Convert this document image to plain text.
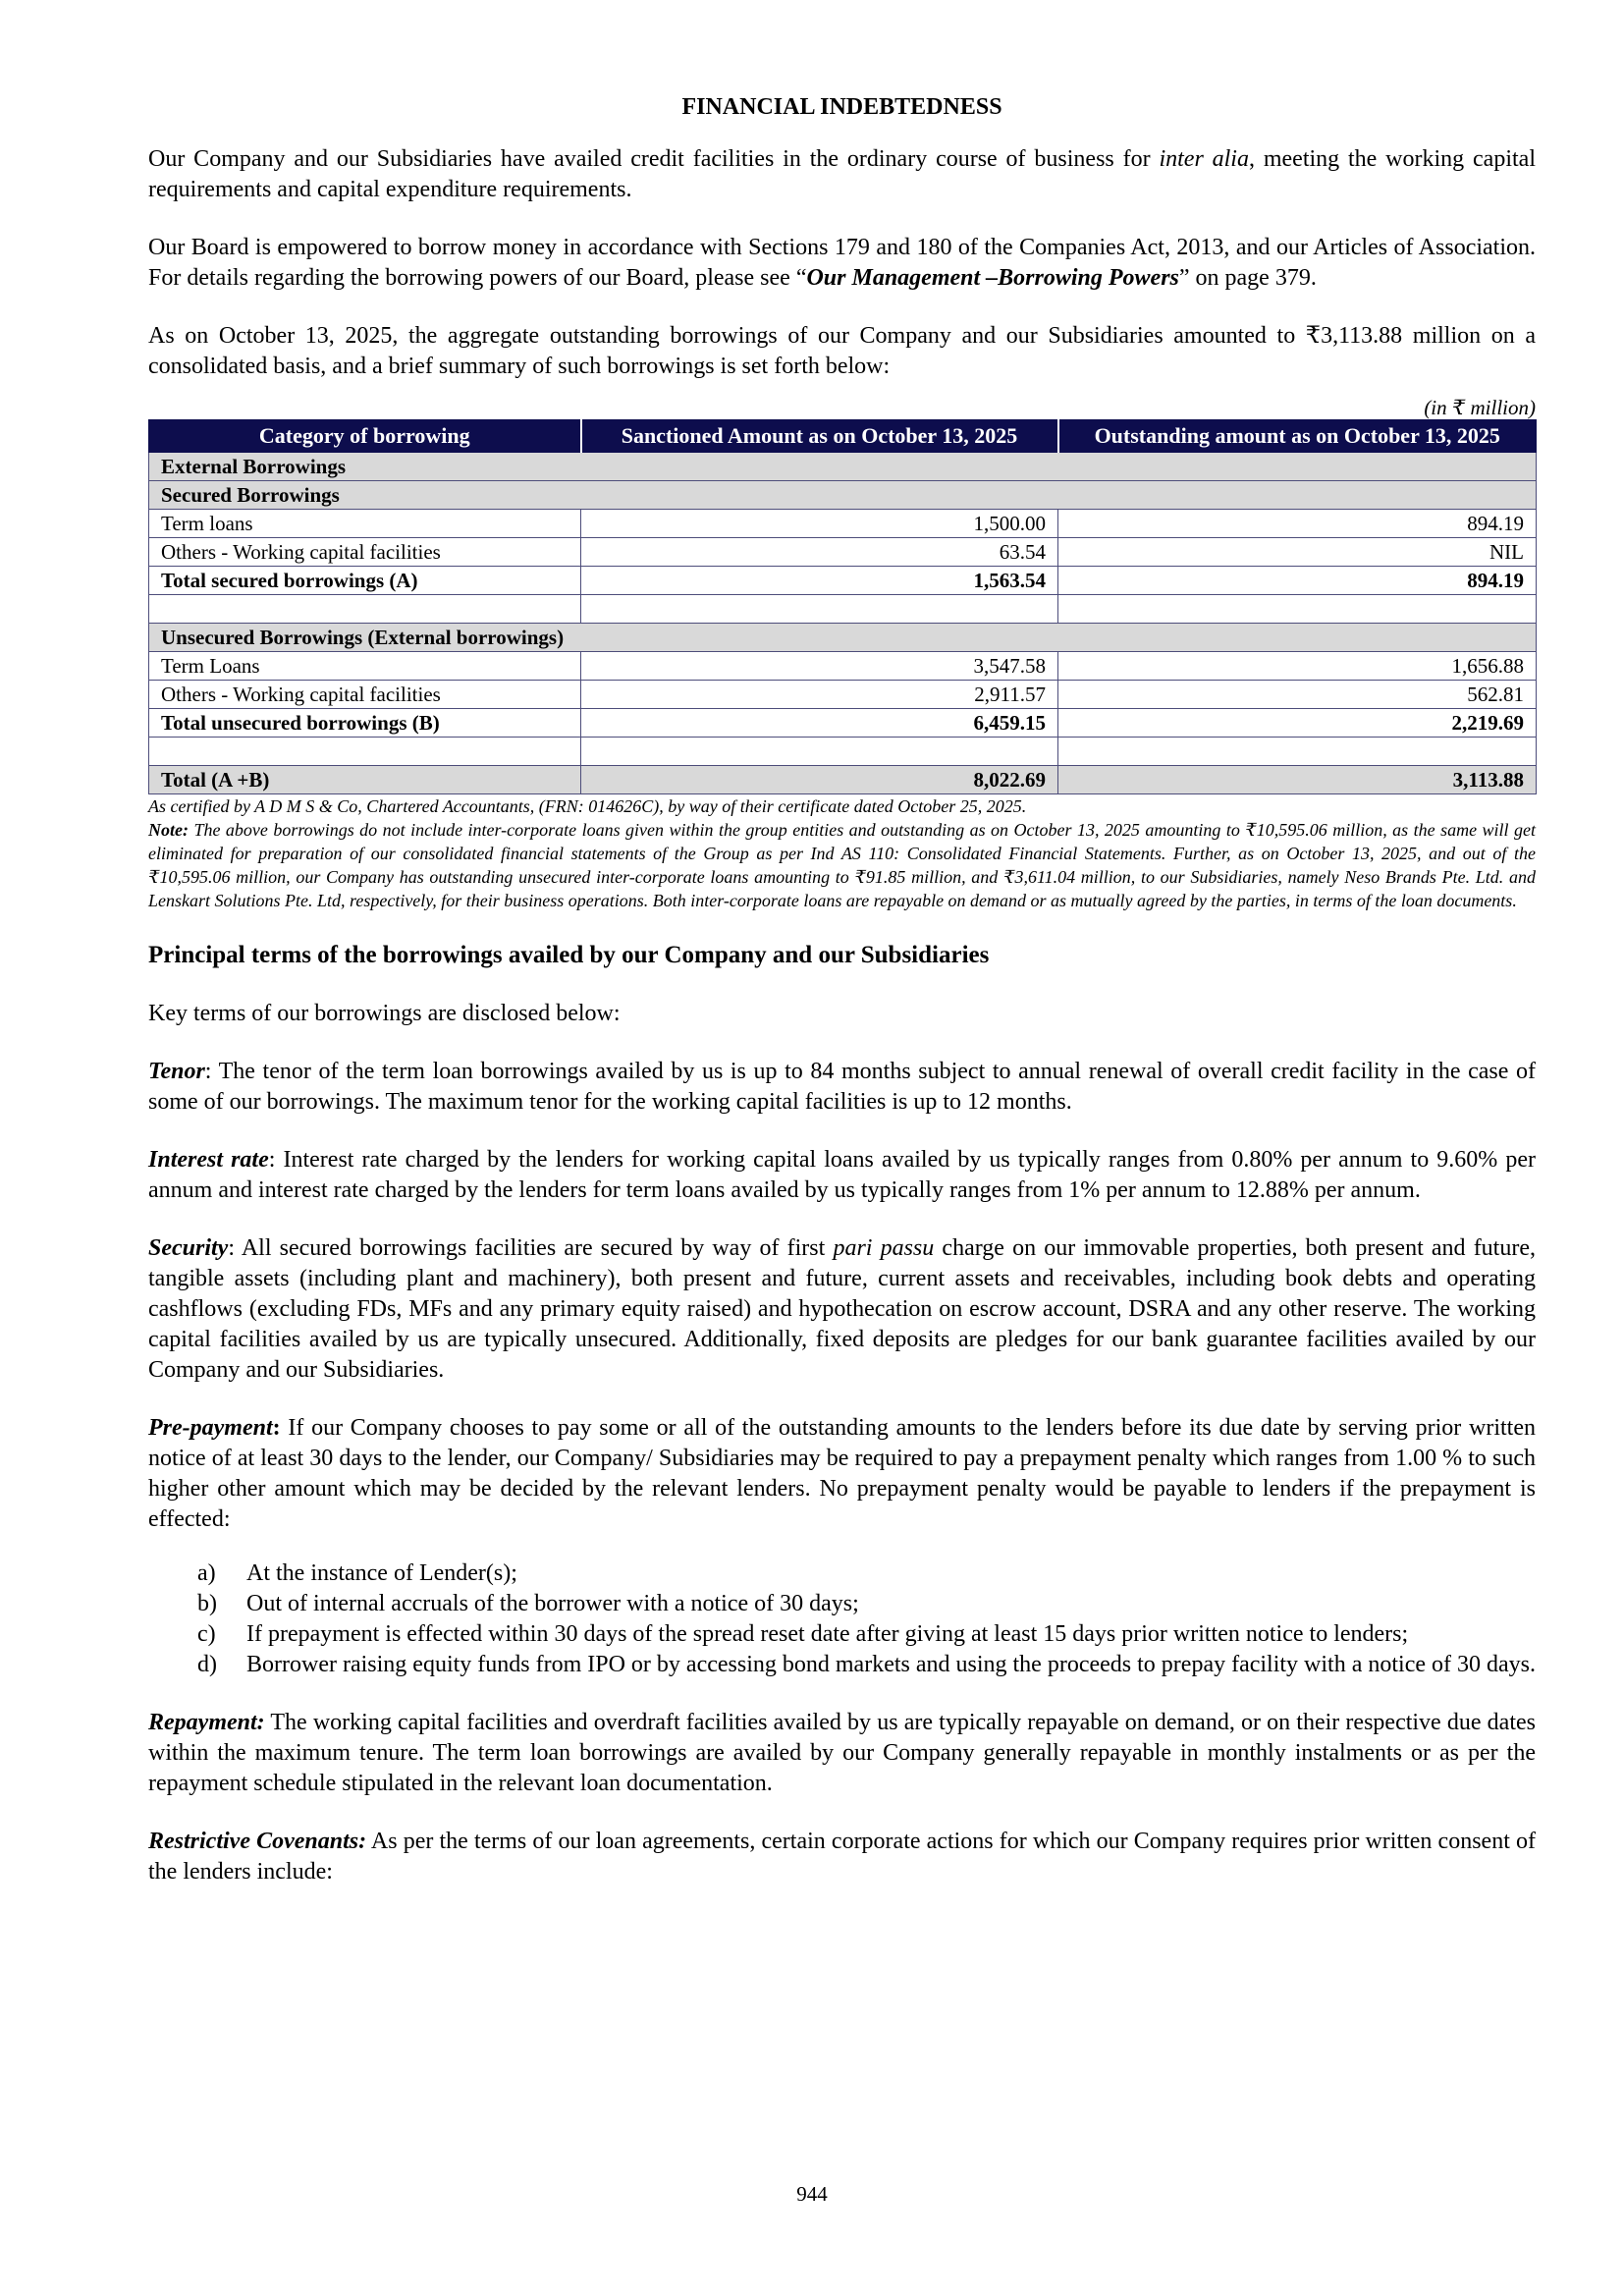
FINANCIAL INDEBTEDNESS

Our Company and our Subsidiaries have availed credit facilities in the ordinary course of business for inter alia, meeting the working capital requirements and capital expenditure requirements.

Our Board is empowered to borrow money in accordance with Sections 179 and 180 of the Companies Act, 2013, and our Articles of Association. For details regarding the borrowing powers of our Board, please see “Our Management –Borrowing Powers” on page 379.

As on October 13, 2025, the aggregate outstanding borrowings of our Company and our Subsidiaries amounted to ₹3,113.88 million on a consolidated basis, and a brief summary of such borrowings is set forth below:

(in ₹ million)
Category of borrowing	Sanctioned Amount as on October 13, 2025	Outstanding amount as on October 13, 2025
External Borrowings		
Secured Borrowings		
Term loans	1,500.00	894.19
Others - Working capital facilities	63.54	NIL
Total secured borrowings (A)	1,563.54	894.19

Unsecured Borrowings (External borrowings)		
Term Loans	3,547.58	1,656.88
Others - Working capital facilities	2,911.57	562.81
Total unsecured borrowings (B)	6,459.15	2,219.69

Total (A +B)	8,022.69	3,113.88

As certified by A D M S & Co, Chartered Accountants, (FRN: 014626C), by way of their certificate dated October 25, 2025.

Note: The above borrowings do not include inter-corporate loans given within the group entities and outstanding as on October 13, 2025 amounting to ₹10,595.06 million, as the same will get eliminated for preparation of our consolidated financial statements of the Group as per Ind AS 110: Consolidated Financial Statements. Further, as on October 13, 2025, and out of the ₹10,595.06 million, our Company has outstanding unsecured inter-corporate loans amounting to ₹91.85 million, and ₹3,611.04 million, to our Subsidiaries, namely Neso Brands Pte. Ltd. and Lenskart Solutions Pte. Ltd, respectively, for their business operations. Both inter-corporate loans are repayable on demand or as mutually agreed by the parties, in terms of the loan documents.

Principal terms of the borrowings availed by our Company and our Subsidiaries

Key terms of our borrowings are disclosed below:

Tenor: The tenor of the term loan borrowings availed by us is up to 84 months subject to annual renewal of overall credit facility in the case of some of our borrowings. The maximum tenor for the working capital facilities is up to 12 months.

Interest rate: Interest rate charged by the lenders for working capital loans availed by us typically ranges from 0.80% per annum to 9.60% per annum and interest rate charged by the lenders for term loans availed by us typically ranges from 1% per annum to 12.88% per annum.

Security: All secured borrowings facilities are secured by way of first pari passu charge on our immovable properties, both present and future, tangible assets (including plant and machinery), both present and future, current assets and receivables, including book debts and operating cashflows (excluding FDs, MFs and any primary equity raised) and hypothecation on escrow account, DSRA and any other reserve. The working capital facilities availed by us are typically unsecured. Additionally, fixed deposits are pledges for our bank guarantee facilities availed by our Company and our Subsidiaries.

Pre-payment: If our Company chooses to pay some or all of the outstanding amounts to the lenders before its due date by serving prior written notice of at least 30 days to the lender, our Company/ Subsidiaries may be required to pay a prepayment penalty which ranges from 1.00 % to such higher other amount which may be decided by the relevant lenders. No prepayment penalty would be payable to lenders if the prepayment is effected:

a) At the instance of Lender(s);
b) Out of internal accruals of the borrower with a notice of 30 days;
c) If prepayment is effected within 30 days of the spread reset date after giving at least 15 days prior written notice to lenders;
d) Borrower raising equity funds from IPO or by accessing bond markets and using the proceeds to prepay facility with a notice of 30 days.

Repayment: The working capital facilities and overdraft facilities availed by us are typically repayable on demand, or on their respective due dates within the maximum tenure. The term loan borrowings are availed by our Company generally repayable in monthly instalments or as per the repayment schedule stipulated in the relevant loan documentation.

Restrictive Covenants: As per the terms of our loan agreements, certain corporate actions for which our Company requires prior written consent of the lenders include:

944
